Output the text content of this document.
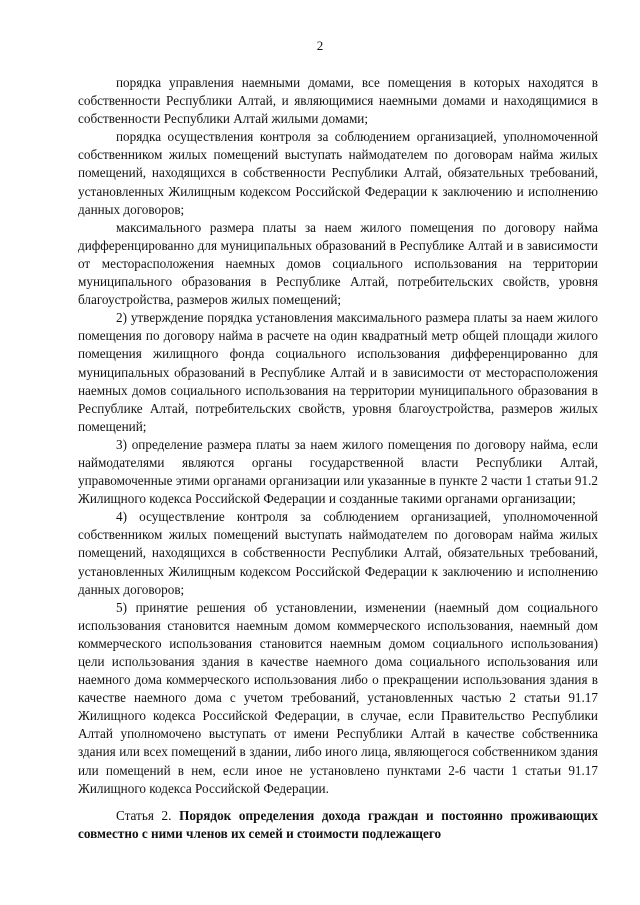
2

порядка управления наемными домами, все помещения в которых находятся в собственности Республики Алтай, и являющимися наемными домами и находящимися в собственности Республики Алтай жилыми домами;

порядка осуществления контроля за соблюдением организацией, уполномоченной собственником жилых помещений выступать наймодателем по договорам найма жилых помещений, находящихся в собственности Республики Алтай, обязательных требований, установленных Жилищным кодексом Российской Федерации к заключению и исполнению данных договоров;

максимального размера платы за наем жилого помещения по договору найма дифференцированно для муниципальных образований в Республике Алтай и в зависимости от месторасположения наемных домов социального использования на территории муниципального образования в Республике Алтай, потребительских свойств, уровня благоустройства, размеров жилых помещений;

2) утверждение порядка установления максимального размера платы за наем жилого помещения по договору найма в расчете на один квадратный метр общей площади жилого помещения жилищного фонда социального использования дифференцированно для муниципальных образований в Республике Алтай и в зависимости от месторасположения наемных домов социального использования на территории муниципального образования в Республике Алтай, потребительских свойств, уровня благоустройства, размеров жилых помещений;

3) определение размера платы за наем жилого помещения по договору найма, если наймодателями являются органы государственной власти Республики Алтай, управомоченные этими органами организации или указанные в пункте 2 части 1 статьи 91.2 Жилищного кодекса Российской Федерации и созданные такими органами организации;

4) осуществление контроля за соблюдением организацией, уполномоченной собственником жилых помещений выступать наймодателем по договорам найма жилых помещений, находящихся в собственности Республики Алтай, обязательных требований, установленных Жилищным кодексом Российской Федерации к заключению и исполнению данных договоров;

5) принятие решения об установлении, изменении (наемный дом социального использования становится наемным домом коммерческого использования, наемный дом коммерческого использования становится наемным домом социального использования) цели использования здания в качестве наемного дома социального использования или наемного дома коммерческого использования либо о прекращении использования здания в качестве наемного дома с учетом требований, установленных частью 2 статьи 91.17 Жилищного кодекса Российской Федерации, в случае, если Правительство Республики Алтай уполномочено выступать от имени Республики Алтай в качестве собственника здания или всех помещений в здании, либо иного лица, являющегося собственником здания или помещений в нем, если иное не установлено пунктами 2-6 части 1 статьи 91.17 Жилищного кодекса Российской Федерации.

Статья 2. Порядок определения дохода граждан и постоянно проживающих совместно с ними членов их семей и стоимости подлежащего
